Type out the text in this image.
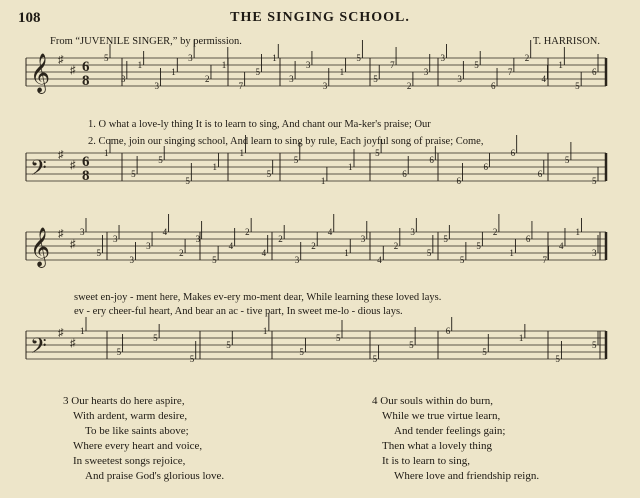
108	THE SINGING SCHOOL.
From “JUVENILE SINGER,” by permission.	T. HARRISON.
𝄞 ♯
♯ 6
8
𝄢
♯
♯ 6
8
𝄞 ♯
♯
𝄢
♯
♯
5
3
1
3
1
3
2
1
7
5
1
3
3
3
1
5
5
7
2
3
3
3
5
6
7
2
4
1
5
6
1
5
5
5
1
1
5
5
1
1
5
6
6
6
6
6
6
5
5
3
5
3
3
3
4
2
3
5
4
2
4
2
3
2
4
1
3
4
2
3
5
5
5
5
2
1
6
7
4
1
3
1
5
5
5
5
1
5
5
5
5
6
5
1
5
5
1. O what a love-ly thing It is to learn to sing, And chant our Ma-ker's praise; Our
2. Come, join our singing school, And learn to sing by rule, Each joyful song of praise; Come,
sweet en-joy - ment here, Makes ev-ery mo-ment dear, While learning these loved lays.
ev - ery cheer-ful heart, And bear an ac - tive part, In sweet me-lo - dious lays.
3 Our hearts do here aspire,
With ardent, warm desire,
To be like saints above;
Where every heart and voice,
In sweetest songs rejoice,
And praise God's glorious love.
4 Our souls within do burn,
While we true virtue learn,
And tender feelings gain;
Then what a lovely thing
It is to learn to sing,
Where love and friendship reign.
